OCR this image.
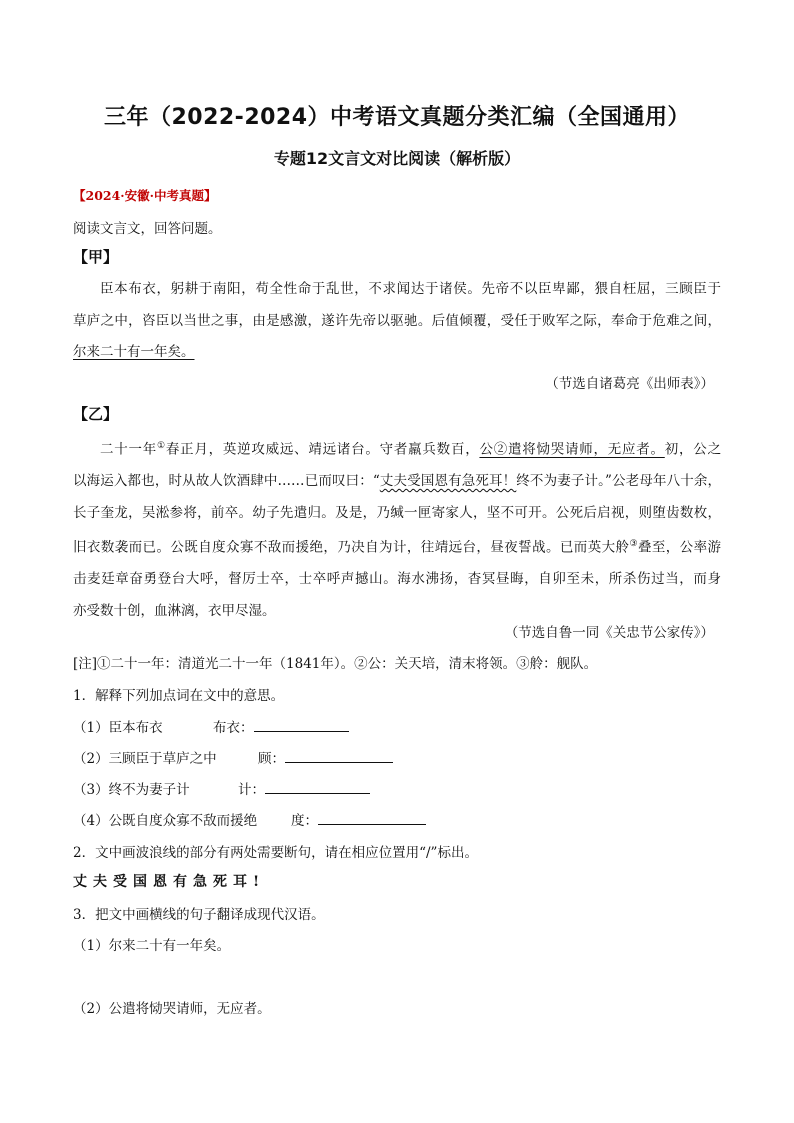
三年（2022-2024）中考语文真题分类汇编（全国通用）
专题12文言文对比阅读（解析版）
【2024·安徽·中考真题】
阅读文言文，回答问题。
【甲】

臣本布衣，躬耕于南阳，苟全性命于乱世，不求闻达于诸侯。先帝不以臣卑鄙，猥自枉屈，三顾臣于

草庐之中，咨臣以当世之事，由是感激，遂许先帝以驱驰。后值倾覆，受任于败军之际，奉命于危难之间，

尔来二十有一年矣。

（节选自诸葛亮《出师表》）
【乙】

二十一年①春正月，英逆攻威远、靖远诸台。守者羸兵数百，公②遣将恸哭请师，无应者。初，公之

以海运入都也，时从故人饮酒肆中……已而叹曰：“丈夫受国恩有急死耳！终不为妻子计。”公老母年八十余，

长子奎龙，吴淞参将，前卒。幼子先遣归。及是，乃缄一匣寄家人，坚不可开。公死后启视，则堕齿数枚，

旧衣数袭而已。公既自度众寡不敌而援绝，乃决自为计，往靖远台，昼夜誓战。已而英大舲③叠至，公率游

击麦廷章奋勇登台大呼，督厉士卒，士卒呼声撼山。海水沸扬，杳冥昼晦，自卯至未，所杀伤过当，而身

亦受数十创，血淋漓，衣甲尽湿。

（节选自鲁一同《关忠节公家传》）
[注]①二十一年：清道光二十一年（1841年）。②公：关天培，清末将领。③舲：舰队。
1．解释下列加点词在文中的意思。
（1）臣本布衣	布衣：
（2）三顾臣于草庐之中	顾：
（3）终不为妻子计	计：
（4）公既自度众寡不敌而援绝	度：
2．文中画波浪线的部分有两处需要断句，请在相应位置用“/”标出。
丈夫受国恩有急死耳!
3．把文中画横线的句子翻译成现代汉语。
（1）尔来二十有一年矣。
（2）公遣将恸哭请师，无应者。
